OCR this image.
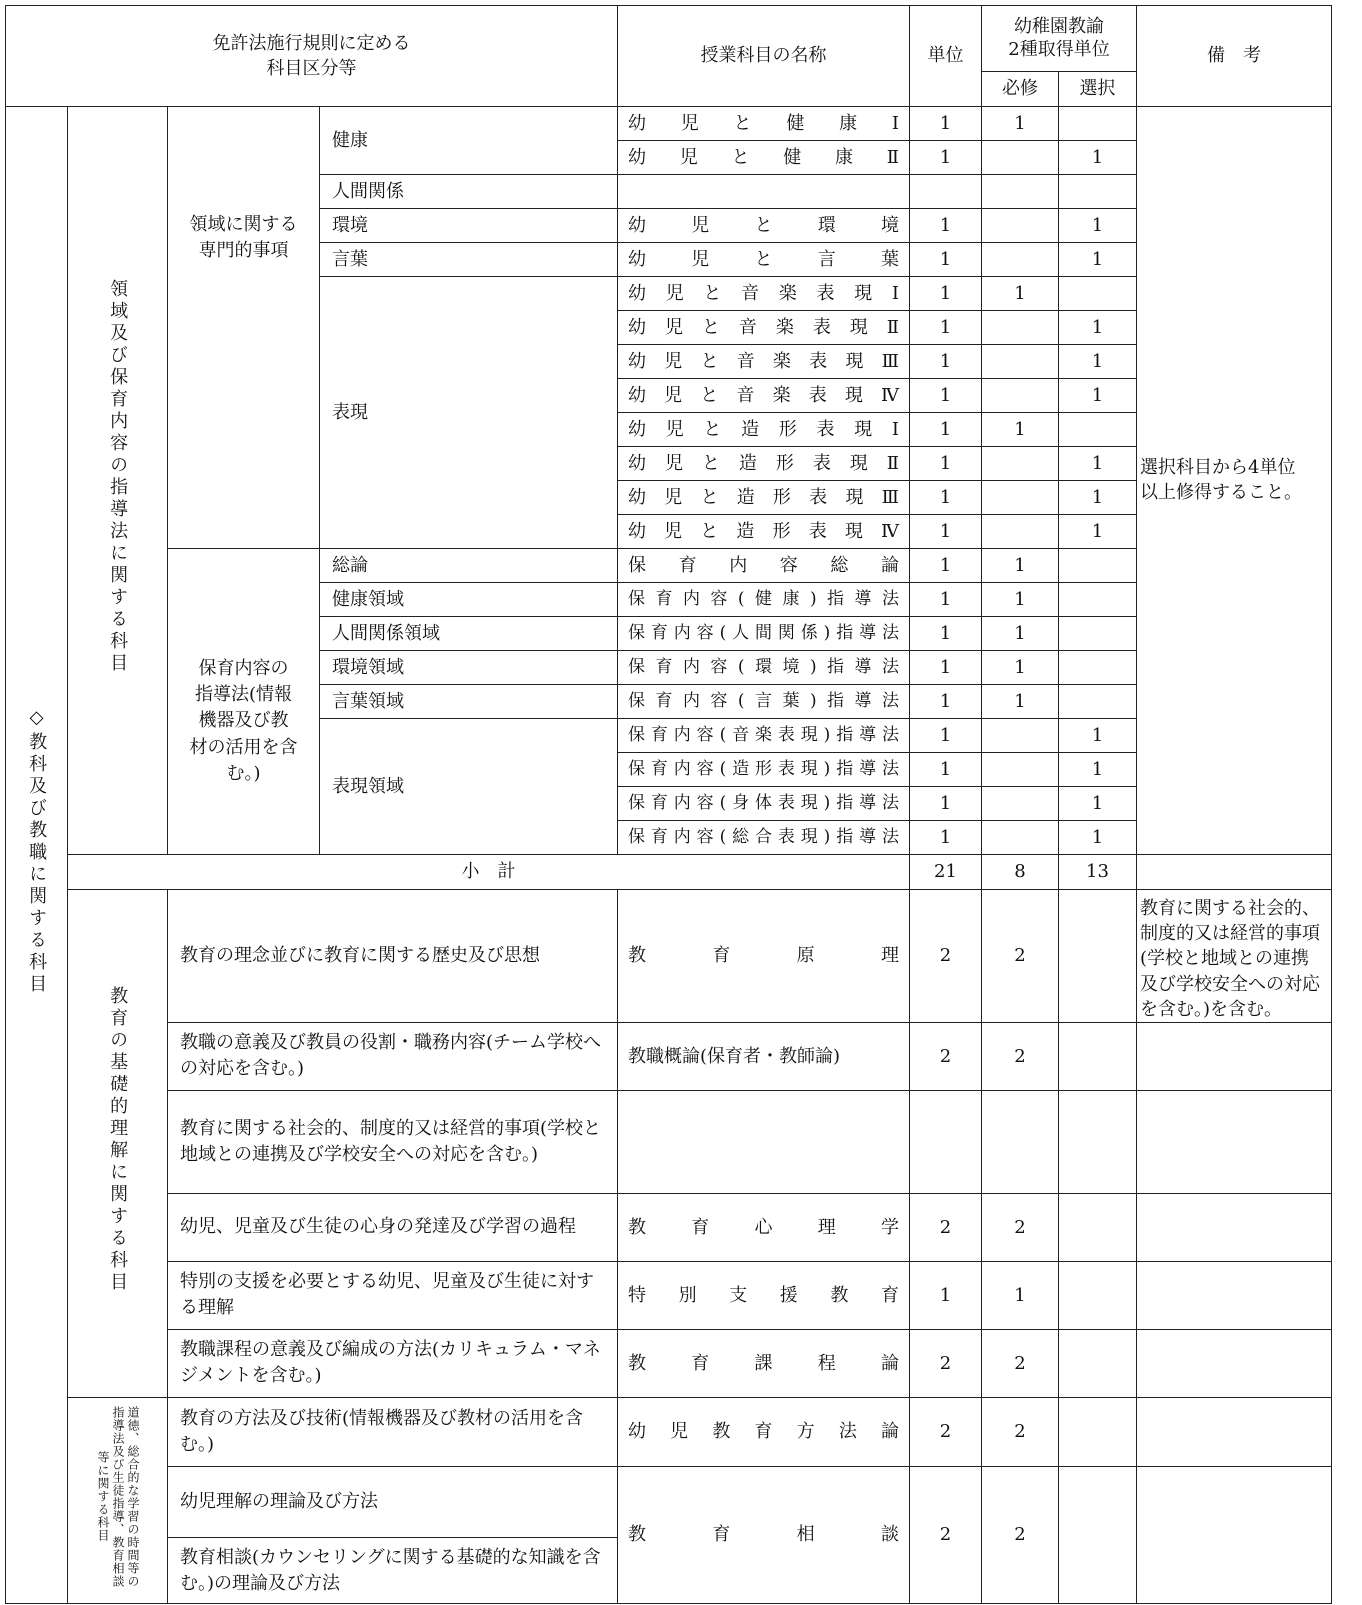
免許法施行規則に定める
科目区分等				授業科目の名称	単位	幼稚園教諭
2種取得単位		備　考
						必修	選択	
◇教科及び教職に関する科目	領域及び保育内容の指導法に関する科目	領域に関する
専門的事項	健康	幼　児　と　健　康　Ⅰ	1	1		選択科目から4単位
以上修得すること。
				幼　児　と　健　康　Ⅱ	1		1	
			人間関係					
			環境	幼　児　と　環　境	1		1	
			言葉	幼　児　と　言　葉	1		1	
			表現	幼児と音楽表現Ⅰ	1	1		
				幼児と音楽表現Ⅱ	1		1	
				幼児と音楽表現Ⅲ	1		1	
				幼児と音楽表現Ⅳ	1		1	
				幼児と造形表現Ⅰ	1	1		
				幼児と造形表現Ⅱ	1		1	
				幼児と造形表現Ⅲ	1		1	
				幼児と造形表現Ⅳ	1		1	
		保育内容の
指導法(情報
機器及び教
材の活用を含
む。)	総論	保育内容総論	1	1		
			健康領域	保育内容(健康)指導法	1	1		
			人間関係領域	保育内容(人間関係)指導法	1	1		
			環境領域	保育内容(環境)指導法	1	1		
			言葉領域	保育内容(言葉)指導法	1	1		
			表現領域	保育内容(音楽表現)指導法	1		1	
				保育内容(造形表現)指導法	1		1	
				保育内容(身体表現)指導法	1		1	
				保育内容(総合表現)指導法	1		1	
	小　計				21	8	13	
	教育の基礎的理解に関する科目	教育の理念並びに教育に関する歴史及び思想		教　育　原　理	2	2		教育に関する社会的、制度的又は経営的事項(学校と地域との連携及び学校安全への対応を含む。)を含む。
		教職の意義及び教員の役割・職務内容(チーム学校への対応を含む。)		教職概論(保育者・教師論)	2	2		
		教育に関する社会的、制度的又は経営的事項(学校と地域との連携及び学校安全への対応を含む。)						
		幼児、児童及び生徒の心身の発達及び学習の過程		教　育　心　理　学	2	2		
		特別の支援を必要とする幼児、児童及び生徒に対する理解		特　別　支　援　教　育	1	1		
		教職課程の意義及び編成の方法(カリキュラム・マネジメントを含む。)		教　育　課　程　論	2	2		
	道徳、総合的な学習の時間等の指導法及び生徒指導、教育相談等に関する科目	教育の方法及び技術(情報機器及び教材の活用を含む。)		幼児教育方法論	2	2		
		幼児理解の理論及び方法		教　育　相　談	2	2		
		教育相談(カウンセリングに関する基礎的な知識を含む。)の理論及び方法						
